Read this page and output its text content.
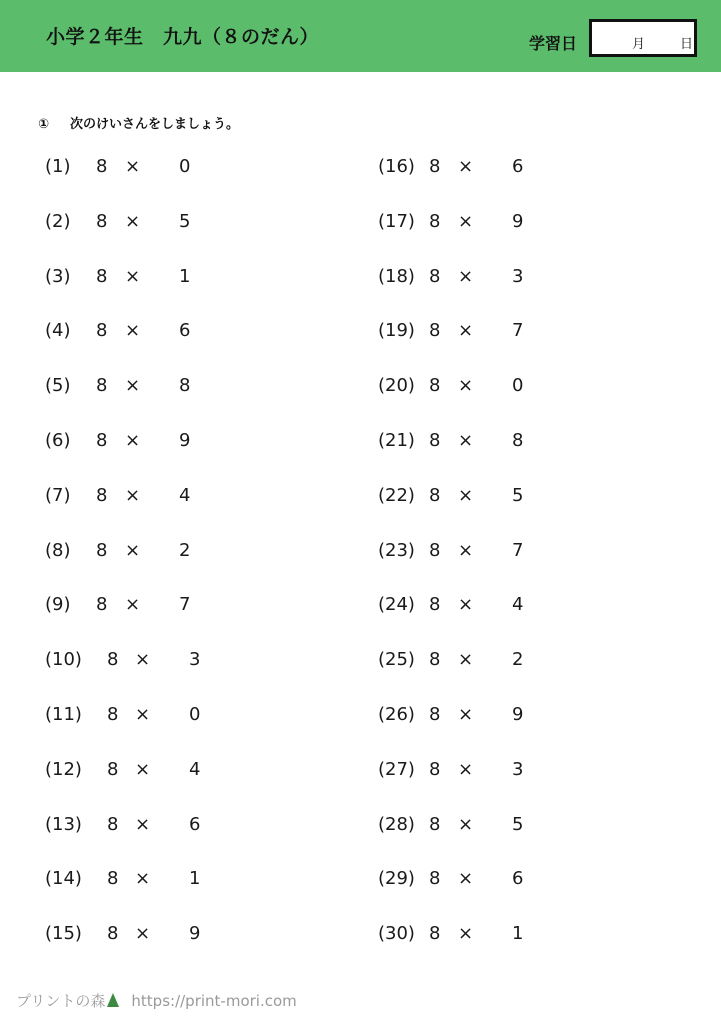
小学２年生　九九（８のだん）	学習日	月	日
① 次のけいさんをしましょう。
(1) 8 × 0
(2) 8 × 5
(3) 8 × 1
(4) 8 × 6
(5) 8 × 8
(6) 8 × 9
(7) 8 × 4
(8) 8 × 2
(9) 8 × 7
(10) 8 × 3
(11) 8 × 0
(12) 8 × 4
(13) 8 × 6
(14) 8 × 1
(15) 8 × 9
(16) 8 × 6
(17) 8 × 9
(18) 8 × 3
(19) 8 × 7
(20) 8 × 0
(21) 8 × 8
(22) 8 × 5
(23) 8 × 7
(24) 8 × 4
(25) 8 × 2
(26) 8 × 9
(27) 8 × 3
(28) 8 × 5
(29) 8 × 6
(30) 8 × 1
プリントの森 https://print-mori.com
